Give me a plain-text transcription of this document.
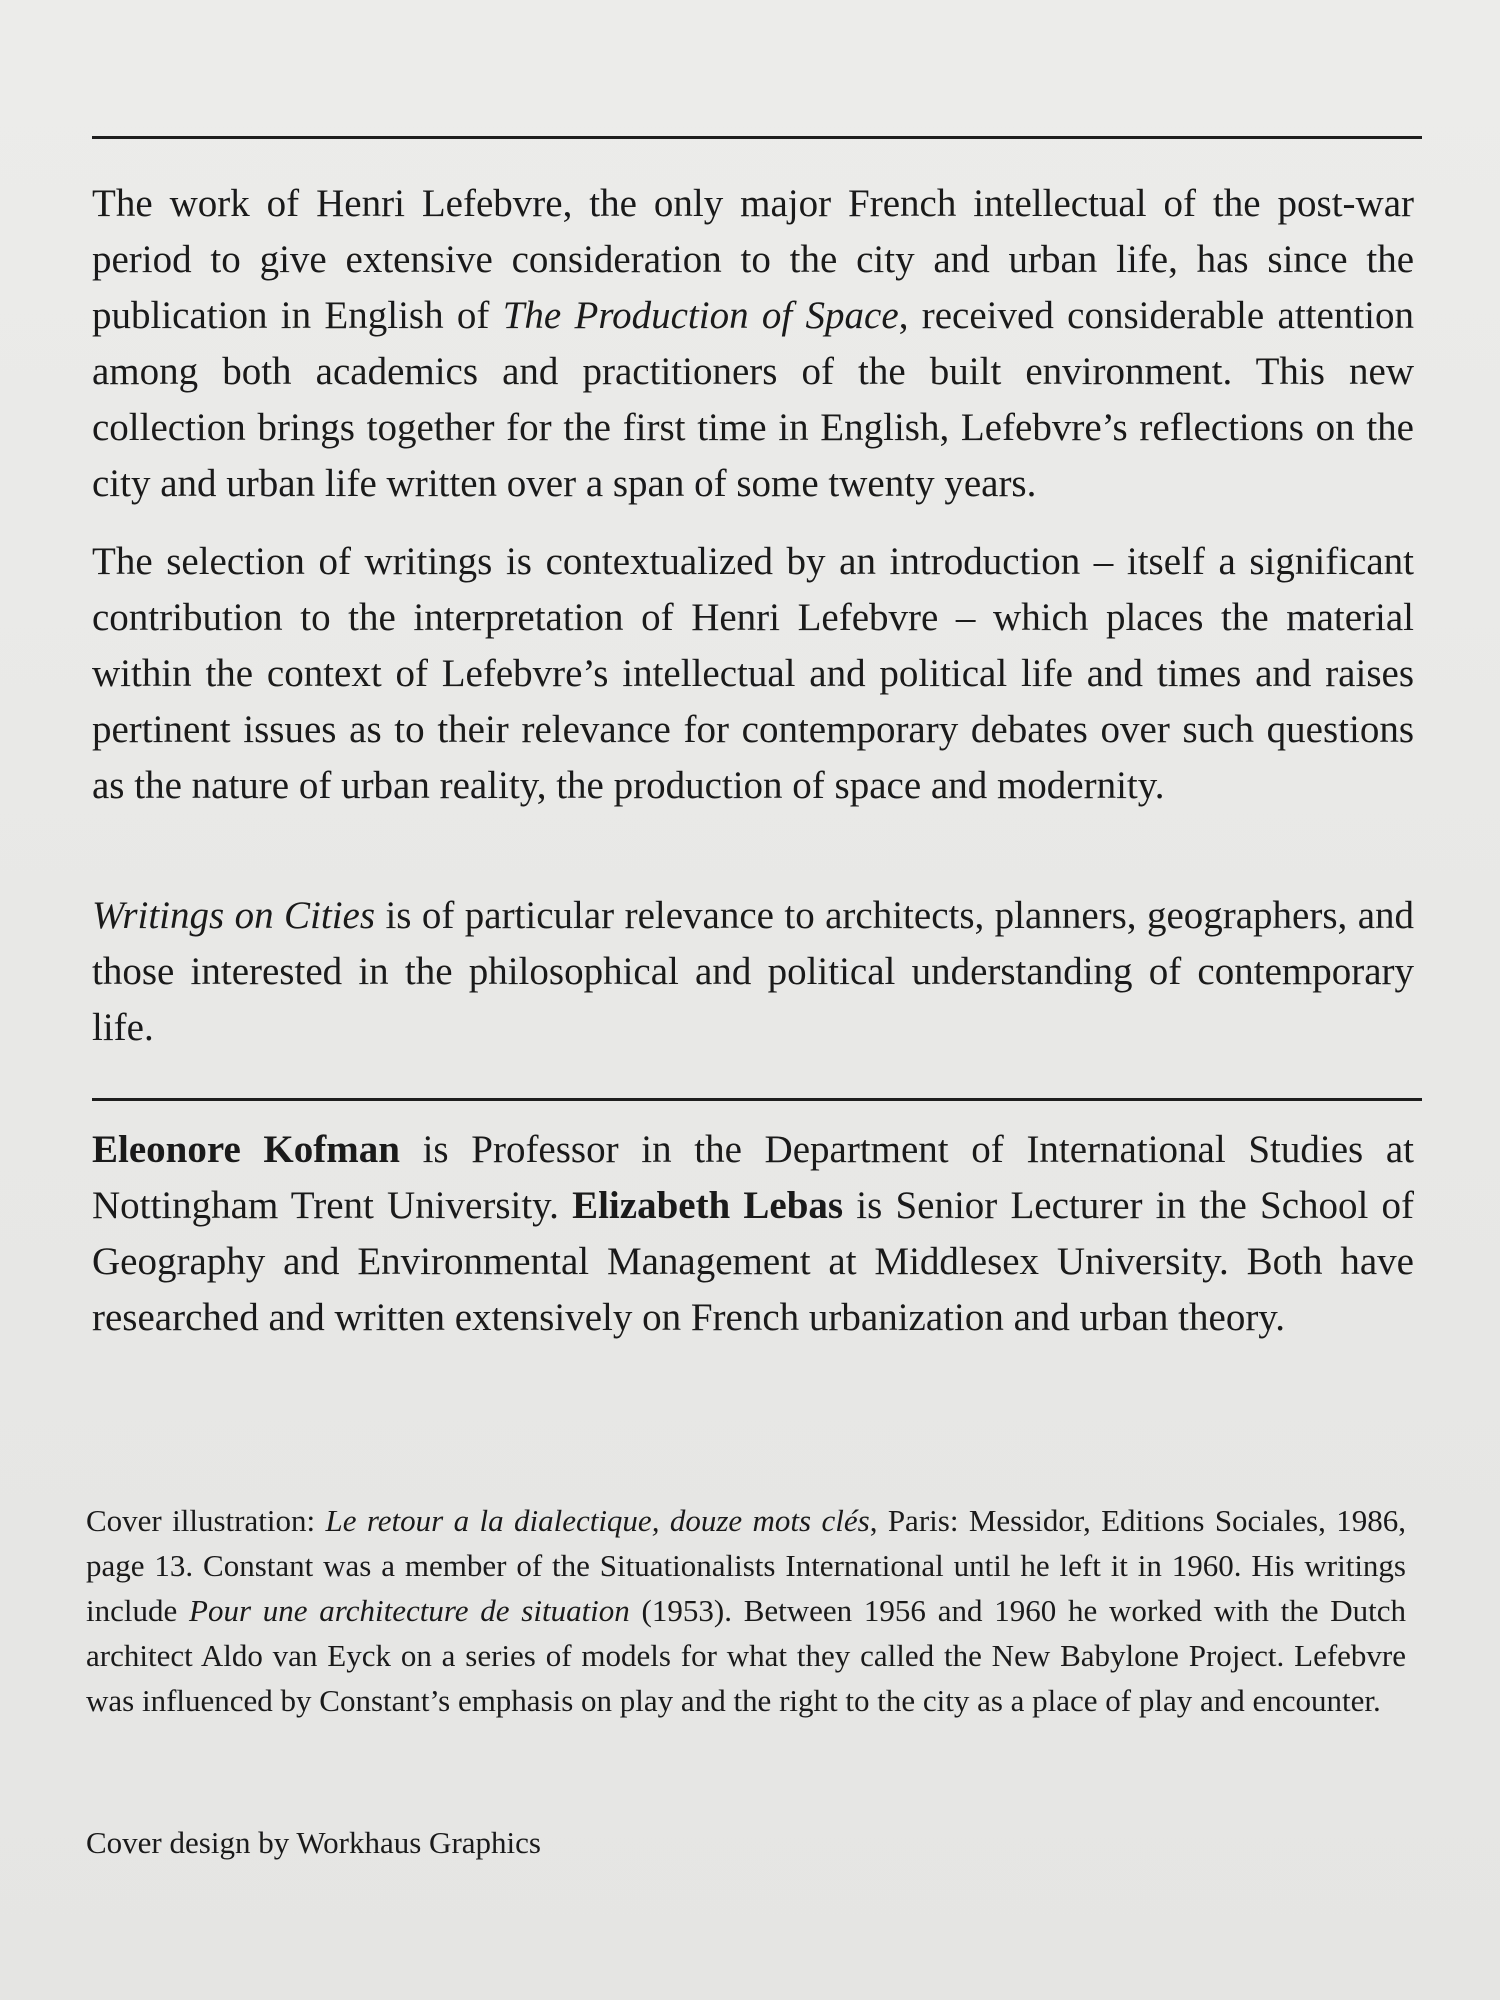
The work of Henri Lefebvre, the only major French intellectual of the post-war period to give extensive consideration to the city and urban life, has since the publication in English of The Production of Space, received considerable attention among both academics and practitioners of the built environment. This new collection brings together for the first time in English, Lefebvre’s reflections on the city and urban life written over a span of some twenty years.

The selection of writings is contextualized by an introduction – itself a significant contribution to the interpretation of Henri Lefebvre – which places the material within the context of Lefebvre’s intellectual and political life and times and raises pertinent issues as to their relevance for contemporary debates over such questions as the nature of urban reality, the production of space and modernity.

Writings on Cities is of particular relevance to architects, planners, geographers, and those interested in the philosophical and political understanding of contemporary life.

Eleonore Kofman is Professor in the Department of International Studies at Nottingham Trent University. Elizabeth Lebas is Senior Lecturer in the School of Geography and Environmental Management at Middlesex University. Both have researched and written extensively on French urbanization and urban theory.

Cover illustration: Le retour a la dialectique, douze mots clés, Paris: Messidor, Editions Sociales, 1986, page 13. Constant was a member of the Situationalists International until he left it in 1960. His writings include Pour une architecture de situation (1953). Between 1956 and 1960 he worked with the Dutch architect Aldo van Eyck on a series of models for what they called the New Babylone Project. Lefebvre was influenced by Constant’s emphasis on play and the right to the city as a place of play and encounter.

Cover design by Workhaus Graphics
